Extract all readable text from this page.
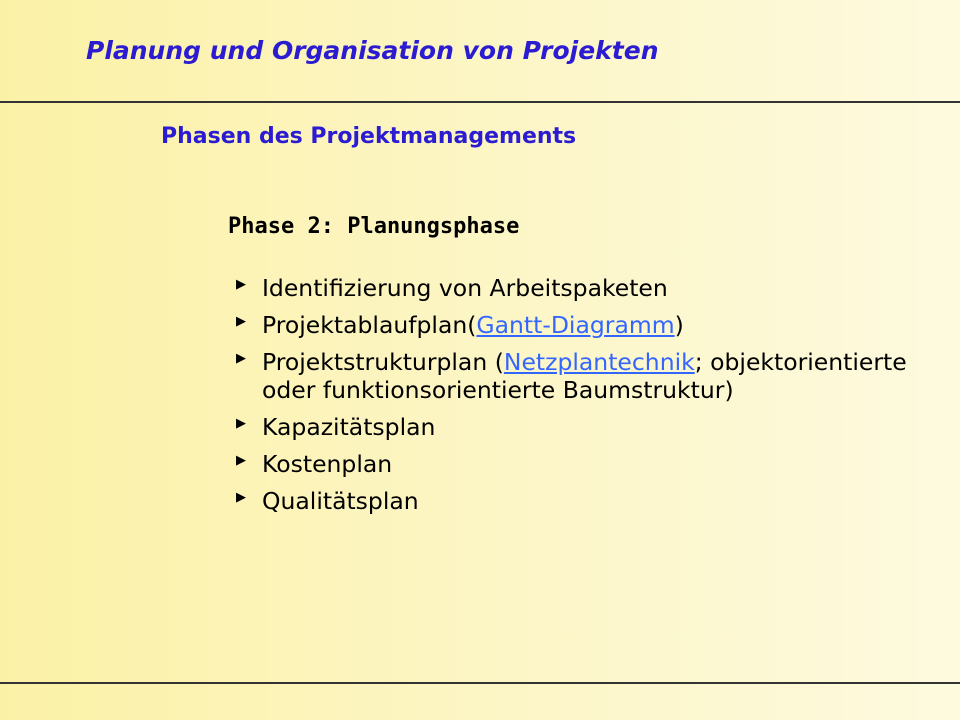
Planung und Organisation von Projekten
Phasen des Projektmanagements
Phase 2: Planungsphase
▶ Identifizierung von Arbeitspaketen
▶ Projektablaufplan(Gantt-Diagramm)
▶ Projektstrukturplan (Netzplantechnik; objektorientierte oder funktionsorientierte Baumstruktur)
▶ Kapazitätsplan
▶ Kostenplan
▶ Qualitätsplan
